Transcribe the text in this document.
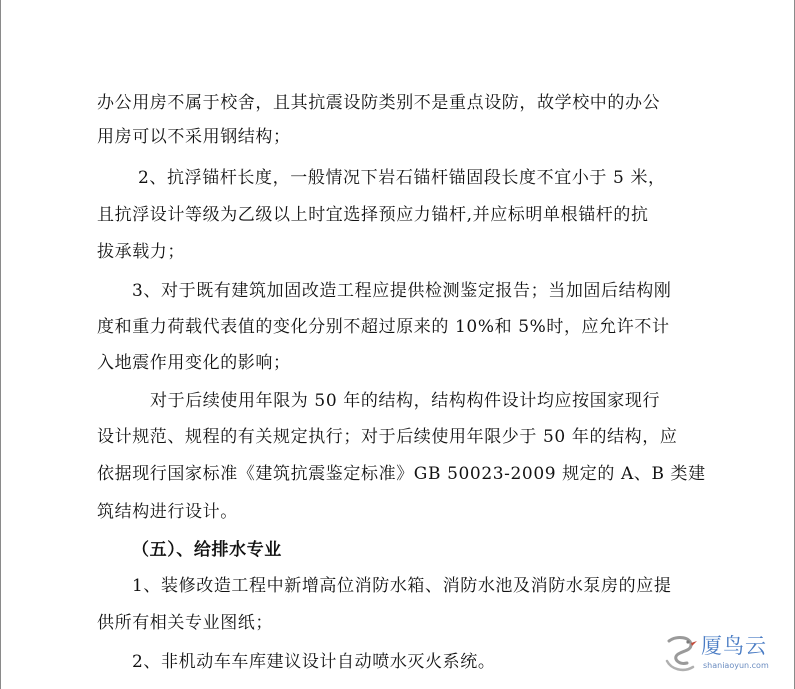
办公用房不属于校舍，且其抗震设防类别不是重点设防，故学校中的办公
用房可以不采用钢结构；
2、抗浮锚杆长度，一般情况下岩石锚杆锚固段长度不宜小于 5 米，
且抗浮设计等级为乙级以上时宜选择预应力锚杆,并应标明单根锚杆的抗
拔承载力；
3、对于既有建筑加固改造工程应提供检测鉴定报告；当加固后结构刚
度和重力荷载代表值的变化分别不超过原来的 10%和 5%时，应允许不计
入地震作用变化的影响；
对于后续使用年限为 50 年的结构，结构构件设计均应按国家现行
设计规范、规程的有关规定执行；对于后续使用年限少于 50 年的结构，应
依据现行国家标准《建筑抗震鉴定标准》GB 50023-2009 规定的 A、B 类建
筑结构进行设计。
（五）、给排水专业
1、装修改造工程中新增高位消防水箱、消防水池及消防水泵房的应提
供所有相关专业图纸；
2、非机动车车库建议设计自动喷水灭火系统。
厦鸟云
shaniaoyun.com
